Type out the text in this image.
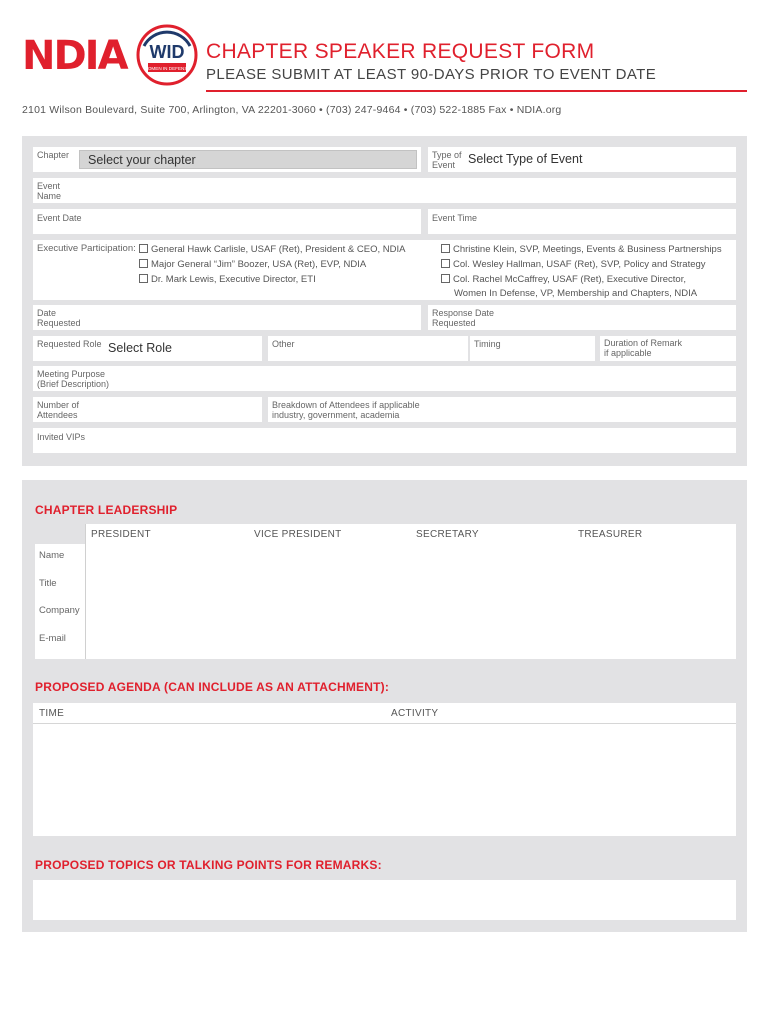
NDIA WID
WOMEN IN DEFENSE
CHAPTER SPEAKER REQUEST FORM
PLEASE SUBMIT AT LEAST 90-DAYS PRIOR TO EVENT DATE
2101 Wilson Boulevard, Suite 700, Arlington, VA 22201-3060 • (703) 247-9464 • (703) 522-1885 Fax • NDIA.org
Chapter	Select your chapter	Type of Event	Select Type of Event
Event Name
Event Date	Event Time
Executive Participation:	General Hawk Carlisle, USAF (Ret), President & CEO, NDIA
Major General “Jim” Boozer, USA (Ret), EVP, NDIA
Dr. Mark Lewis, Executive Director, ETI
Christine Klein, SVP, Meetings, Events & Business Partnerships
Col. Wesley Hallman, USAF (Ret), SVP, Policy and Strategy
Col. Rachel McCaffrey, USAF (Ret), Executive Director,
Women In Defense, VP, Membership and Chapters, NDIA
Date Requested
Response Date Requested
Requested Role Select Role	Other	Timing	Duration of Remark
if applicable
Meeting Purpose
(Brief Description)
Number of Attendees
Breakdown of Attendees if applicable
industry, government, academia
Invited VIPs
CHAPTER LEADERSHIP
PRESIDENT	VICE PRESIDENT	SECRETARY	TREASURER
Name
Title
Company
E-mail
PROPOSED AGENDA (CAN INCLUDE AS AN ATTACHMENT):
TIME	ACTIVITY
PROPOSED TOPICS OR TALKING POINTS FOR REMARKS:
